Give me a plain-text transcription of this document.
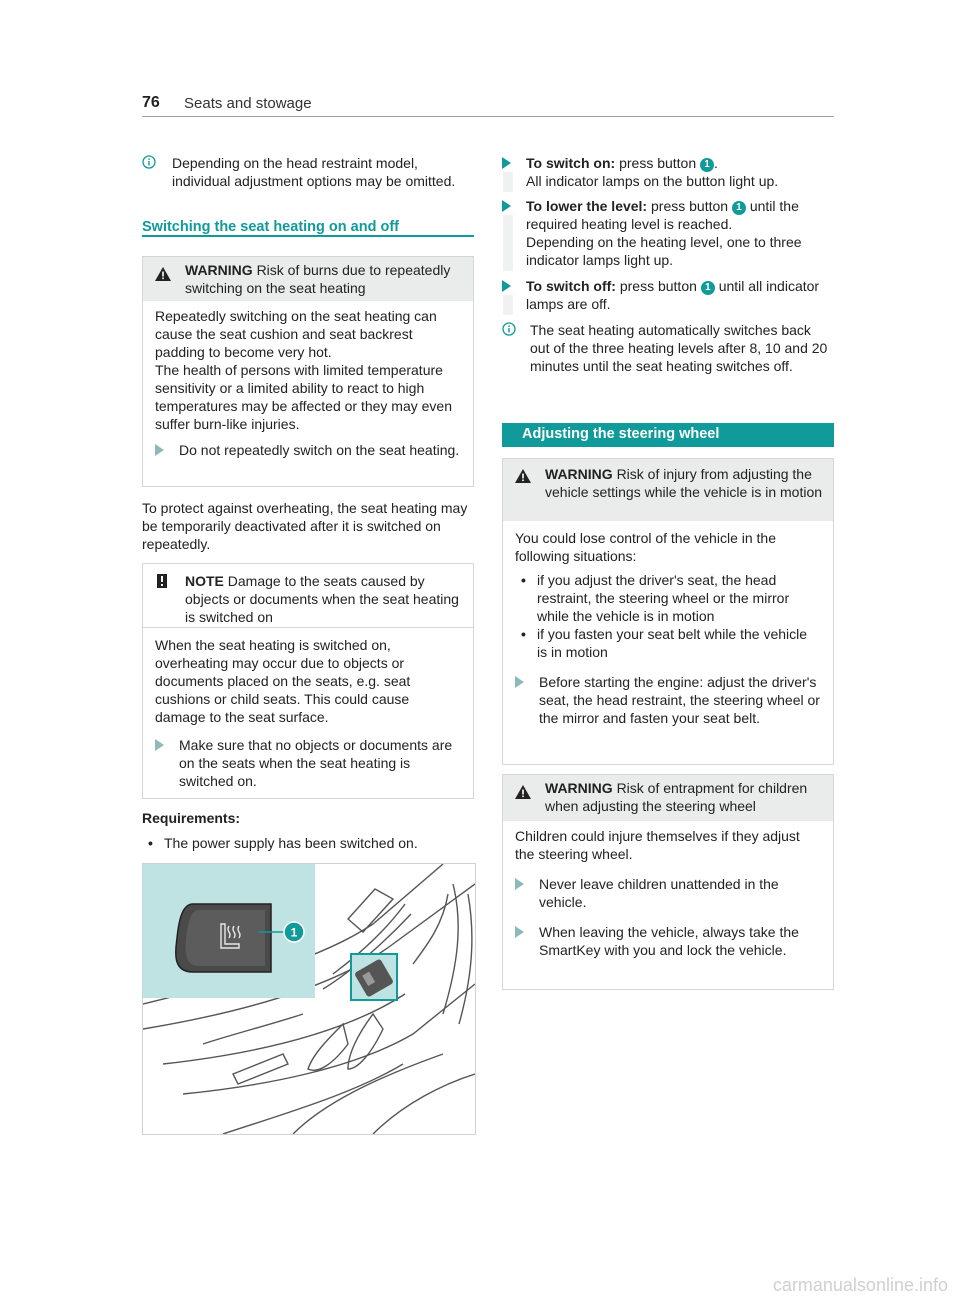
76 Seats and stowage
Depending on the head restraint model, individual adjustment options may be omitted.
Switching the seat heating on and off
WARNING Risk of burns due to repeatedly switching on the seat heating
Repeatedly switching on the seat heating can cause the seat cushion and seat backrest padding to become very hot.
The health of persons with limited temperature sensitivity or a limited ability to react to high temperatures may be affected or they may even suffer burn-like injuries.
Do not repeatedly switch on the seat heating.
To protect against overheating, the seat heating may be temporarily deactivated after it is switched on repeatedly.
NOTE Damage to the seats caused by objects or documents when the seat heating is switched on
When the seat heating is switched on, overheating may occur due to objects or documents placed on the seats, e.g. seat cushions or child seats. This could cause damage to the seat surface.
Make sure that no objects or documents are on the seats when the seat heating is switched on.
Requirements:
• The power supply has been switched on.
1
To switch on: press button 1 .
All indicator lamps on the button light up.
To lower the level: press button 1 until the required heating level is reached.
Depending on the heating level, one to three indicator lamps light up.
To switch off: press button 1 until all indicator lamps are off.
The seat heating automatically switches back out of the three heating levels after 8, 10 and 20 minutes until the seat heating switches off.
Adjusting the steering wheel
WARNING Risk of injury from adjusting the vehicle settings while the vehicle is in motion
You could lose control of the vehicle in the following situations:
• if you adjust the driver's seat, the head restraint, the steering wheel or the mirror while the vehicle is in motion
• if you fasten your seat belt while the vehicle is in motion
Before starting the engine: adjust the driver's seat, the head restraint, the steering wheel or the mirror and fasten your seat belt.
WARNING Risk of entrapment for children when adjusting the steering wheel
Children could injure themselves if they adjust the steering wheel.
Never leave children unattended in the vehicle.
When leaving the vehicle, always take the SmartKey with you and lock the vehicle.
carmanualsonline.info
